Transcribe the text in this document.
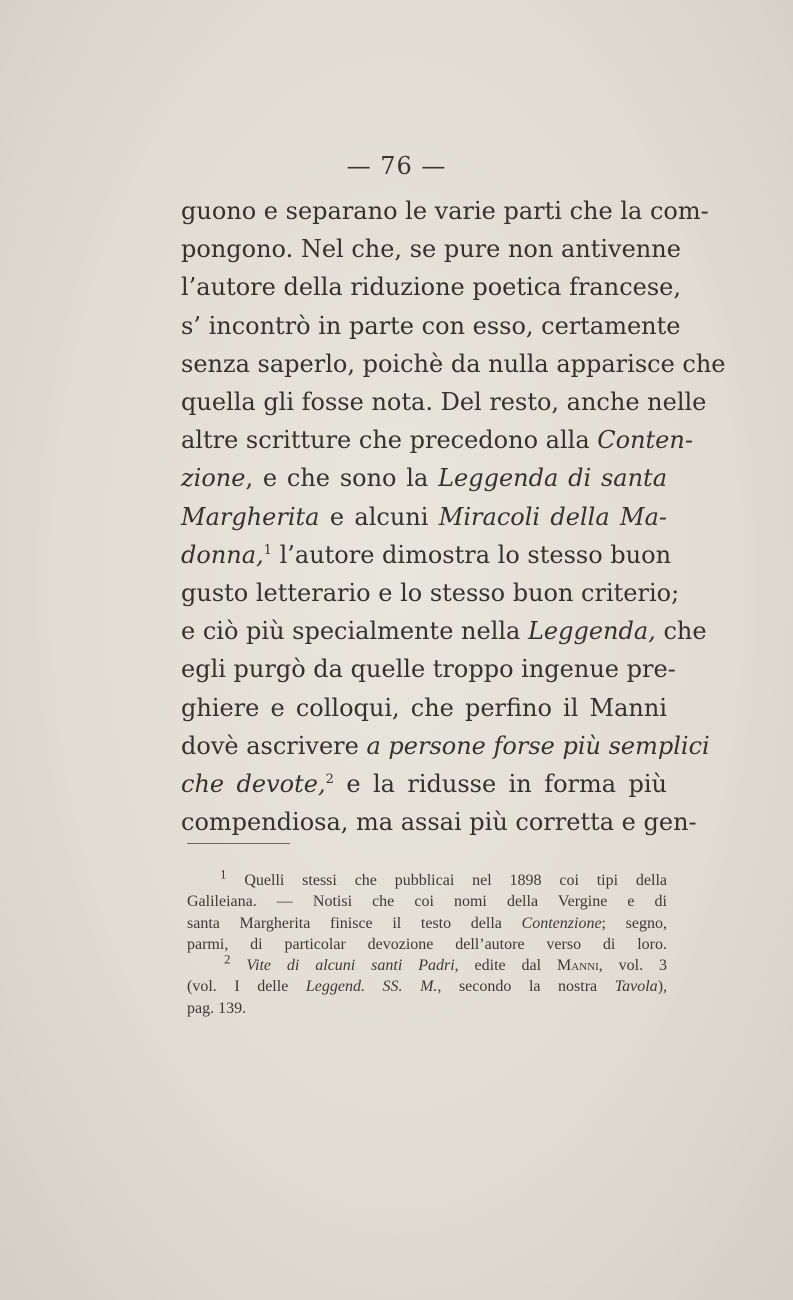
— 76 —
guono e separano le varie parti che la com-
pongono. Nel che, se pure non antivenne
l’autore della riduzione poetica francese,
s’ incontrò in parte con esso, certamente
senza saperlo, poichè da nulla apparisce che
quella gli fosse nota. Del resto, anche nelle
altre scritture che precedono alla Conten-
zione, e che sono la Leggenda di santa
Margherita e alcuni Miracoli della Ma-
donna,$^1$ l’autore dimostra lo stesso buon
gusto letterario e lo stesso buon criterio;
e ciò più specialmente nella Leggenda, che
egli purgò da quelle troppo ingenue pre-
ghiere e colloqui, che perfino il Manni
dovè ascrivere a persone forse più semplici
che devote,$^2$ e la ridusse in forma più
compendiosa, ma assai più corretta e gen-
$^1$ Quelli stessi che pubblicai nel 1898 coi tipi della
Galileiana. — Notisi che coi nomi della Vergine e di
santa Margherita finisce il testo della Contenzione; segno,
parmi, di particolar devozione dell’autore verso di loro.
$^2$ Vite di alcuni santi Padri, edite dal Manni, vol. 3
(vol. I delle Leggend. SS. M., secondo la nostra Tavola),
pag. 139.
